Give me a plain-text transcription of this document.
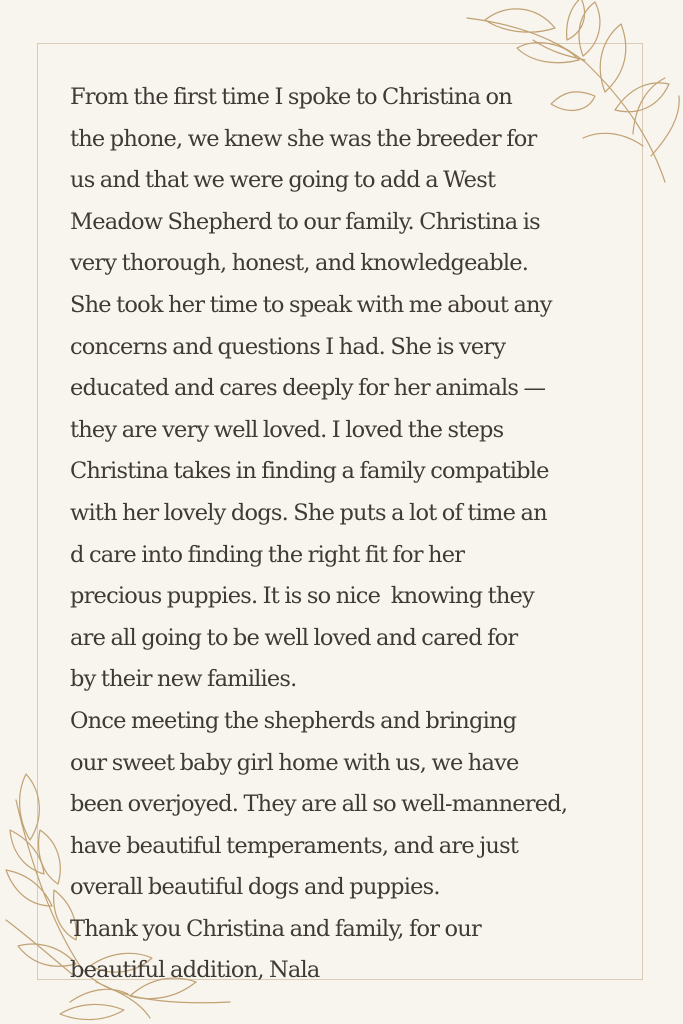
From the first time I spoke to Christina on
the phone, we knew she was the breeder for
us and that we were going to add a West
Meadow Shepherd to our family. Christina is
very thorough, honest, and knowledgeable.
She took her time to speak with me about any
concerns and questions I had. She is very
educated and cares deeply for her animals —
they are very well loved. I loved the steps
Christina takes in finding a family compatible
with her lovely dogs. She puts a lot of time an
d care into finding the right fit for her
precious puppies. It is so nice  knowing they
are all going to be well loved and cared for
by their new families.
Once meeting the shepherds and bringing
our sweet baby girl home with us, we have
been overjoyed. They are all so well-mannered,
have beautiful temperaments, and are just
overall beautiful dogs and puppies.
Thank you Christina and family, for our
beautiful addition, Nala
